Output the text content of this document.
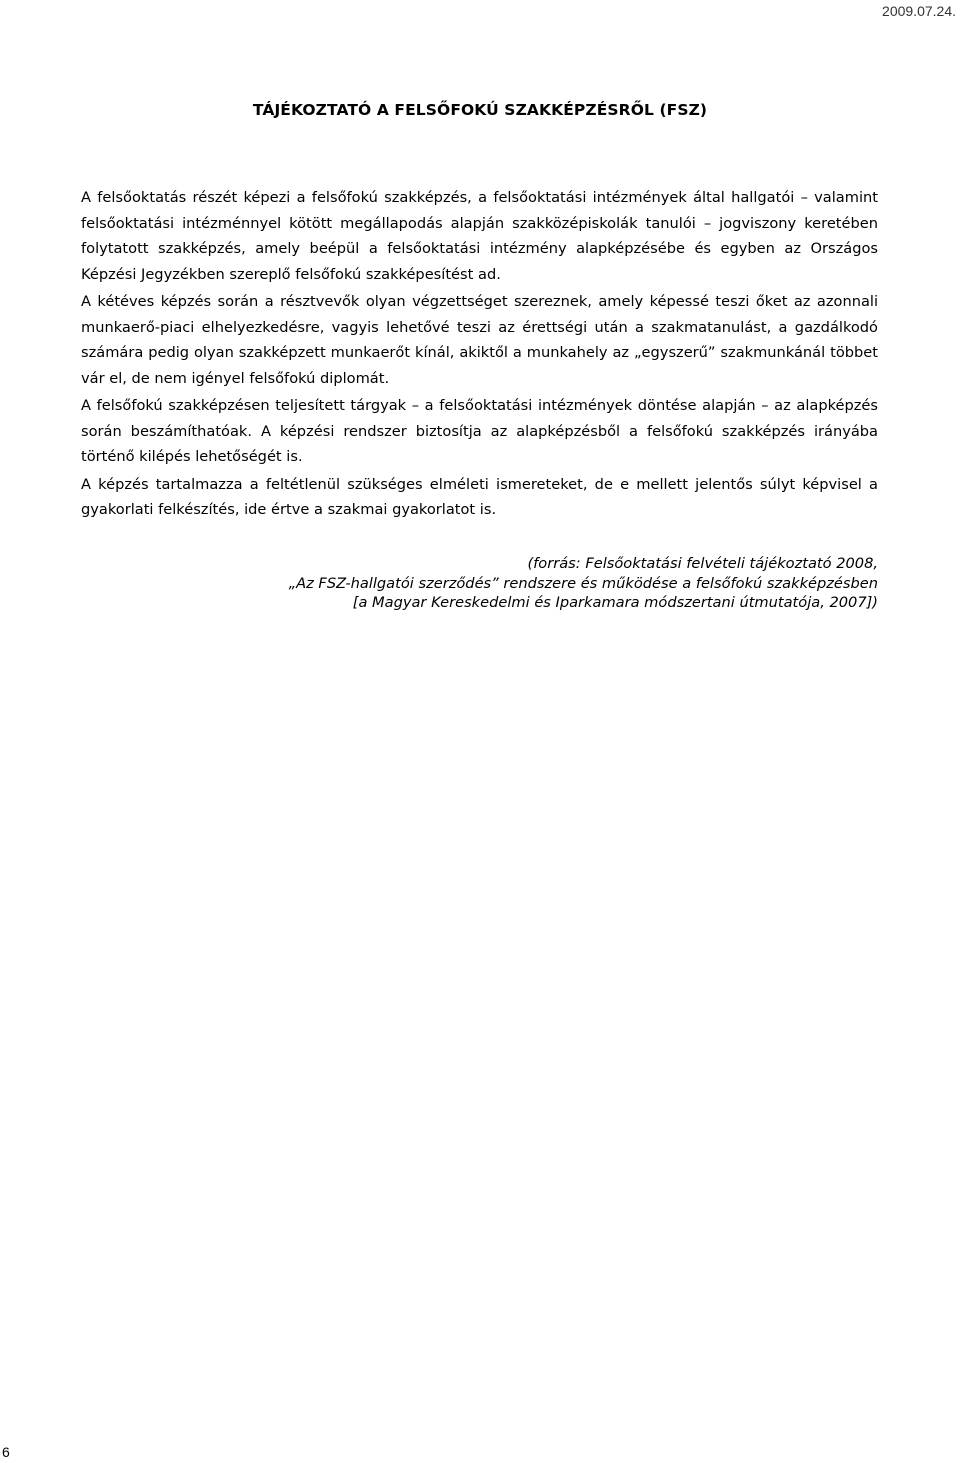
2009.07.24.
TÁJÉKOZTATÓ A FELSŐFOKÚ SZAKKÉPZÉSRŐL (FSZ)

A felsőoktatás részét képezi a felsőfokú szakképzés, a felsőoktatási intézmények által hallgatói – valamint felsőoktatási intézménnyel kötött megállapodás alapján szakközépiskolák tanulói – jogviszony keretében folytatott szakképzés, amely beépül a felsőoktatási intézmény alapképzésébe és egyben az Országos Képzési Jegyzékben szereplő felsőfokú szakképesítést ad.

A kétéves képzés során a résztvevők olyan végzettséget szereznek, amely képessé teszi őket az azonnali munkaerő-piaci elhelyezkedésre, vagyis lehetővé teszi az érettségi után a szakmatanulást, a gazdálkodó számára pedig olyan szakképzett munkaerőt kínál, akiktől a munkahely az „egyszerű” szakmunkánál többet vár el, de nem igényel felsőfokú diplomát.

A felsőfokú szakképzésen teljesített tárgyak – a felsőoktatási intézmények döntése alapján – az alapképzés során beszámíthatóak. A képzési rendszer biztosítja az alapképzésből a felsőfokú szakképzés irányába történő kilépés lehetőségét is.

A képzés tartalmazza a feltétlenül szükséges elméleti ismereteket, de e mellett jelentős súlyt képvisel a gyakorlati felkészítés, ide értve a szakmai gyakorlatot is.

(forrás: Felsőoktatási felvételi tájékoztató 2008,
„Az FSZ-hallgatói szerződés” rendszere és működése a felsőfokú szakképzésben
[a Magyar Kereskedelmi és Iparkamara módszertani útmutatója, 2007])
6
